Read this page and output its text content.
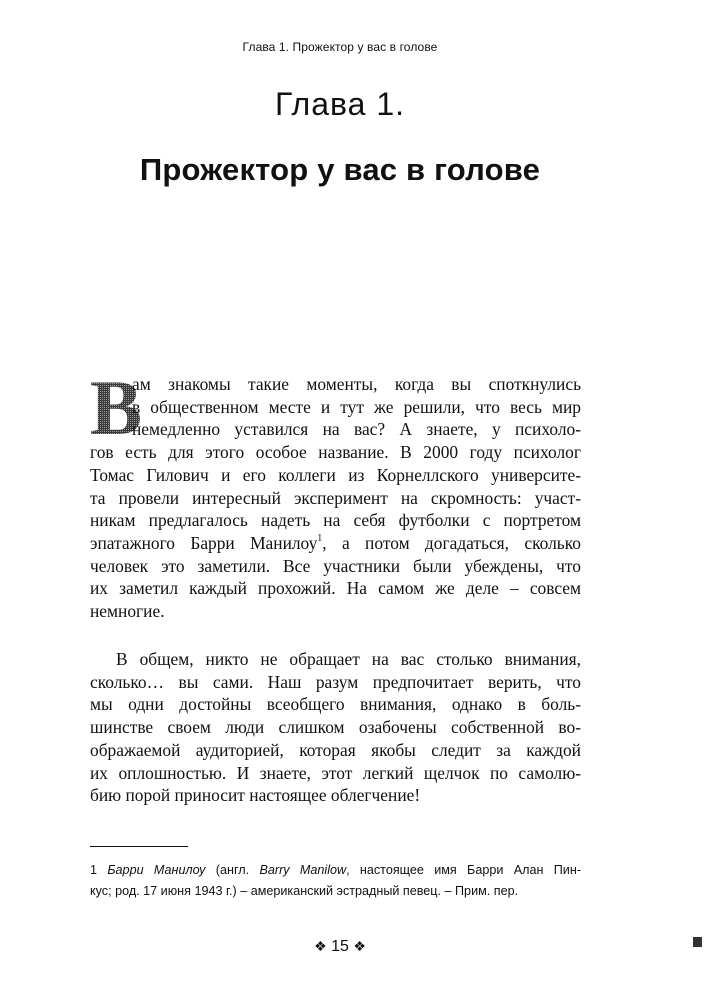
Глава 1. Прожектор у вас в голове
Глава 1.
Прожектор у вас в голове
В
ам знакомы такие моменты, когда вы споткнулись
в общественном месте и тут же решили, что весь мир
немедленно уставился на вас? А знаете, у психоло-
гов есть для этого особое название. В 2000 году психолог
Томас Гилович и его коллеги из Корнеллского университе-
та провели интересный эксперимент на скромность: участ-
никам предлагалось надеть на себя футболки с портретом
эпатажного Барри Манилоу$^1$, а потом догадаться, сколько
человек это заметили. Все участники были убеждены, что
их заметил каждый прохожий. На самом же деле – совсем
немногие.
В общем, никто не обращает на вас столько внимания,
сколько… вы сами. Наш разум предпочитает верить, что
мы одни достойны всеобщего внимания, однако в боль-
шинстве своем люди слишком озабочены собственной во-
ображаемой аудиторией, которая якобы следит за каждой
их оплошностью. И знаете, этот легкий щелчок по самолю-
бию порой приносит настоящее облегчение!
1 Барри Манилоу (англ. Barry Manilow, настоящее имя Барри Алан Пин-
кус; род. 17 июня 1943 г.) – американский эстрадный певец. – Прим. пер.
❖ 15 ❖
